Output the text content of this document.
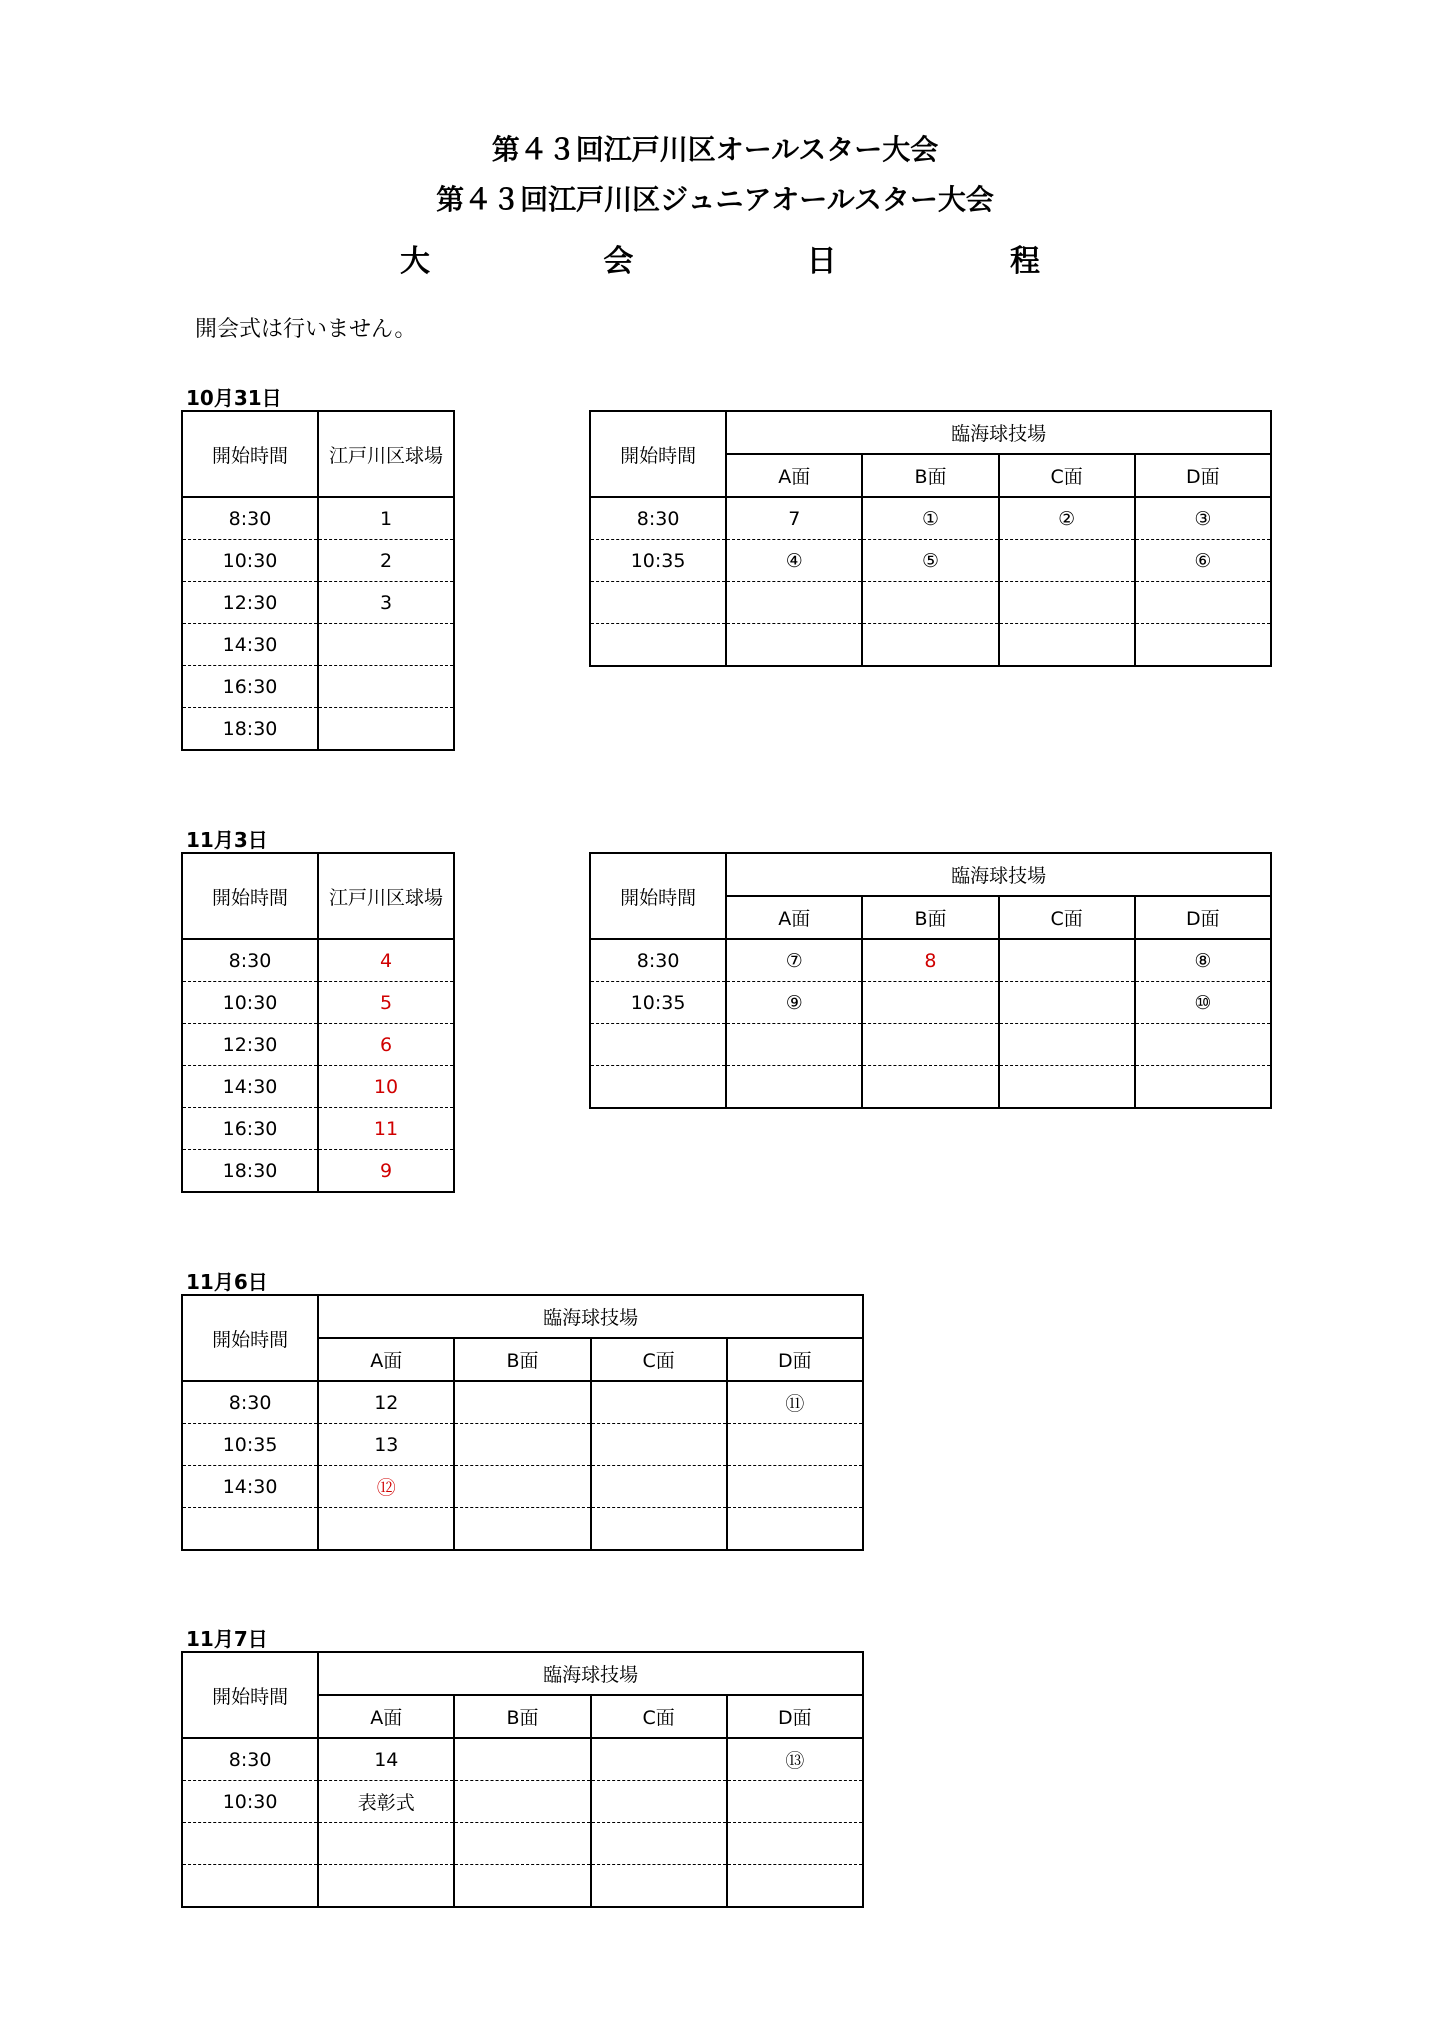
第４３回江戸川区オールスター大会
第４３回江戸川区ジュニアオールスター大会
大	会	日	程
開会式は行いません。
10月31日
開始時間	江戸川区球場
8:30	1
10:30	2
12:30	3
14:30	
16:30	
18:30	
開始時間	臨海球技場			
	A面	B面	C面	D面
8:30	7	①	②	③
10:35	④	⑤		⑥

11月3日
開始時間	江戸川区球場
8:30	4
10:30	5
12:30	6
14:30	10
16:30	11
18:30	9
開始時間	臨海球技場			
	A面	B面	C面	D面
8:30	⑦	8		⑧
10:35	⑨			⑩

11月6日
開始時間	臨海球技場			
	A面	B面	C面	D面
8:30	12			⑪
10:35	13			
14:30	⑫			

11月7日
開始時間	臨海球技場			
	A面	B面	C面	D面
8:30	14			⑬
10:30	表彰式			
